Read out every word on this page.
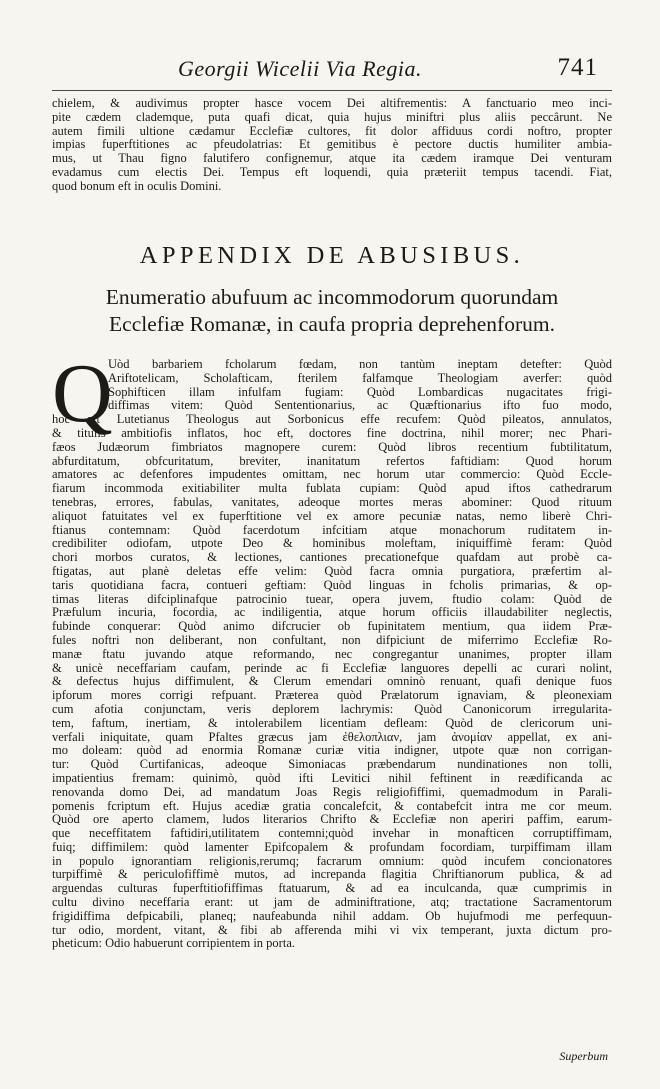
Georgii Wicelii Via Regia.	741
chielem, & audivimus propter hasce vocem Dei altifrementis: A fanctuario meo inci-
pite cædem clademque, puta quafi dicat, quia hujus miniftri plus aliis peccârunt. Ne
autem fimili ultione cædamur Ecclefiæ cultores, fit dolor affiduus cordi noftro, propter
impias fuperftitiones ac pfeudolatrias: Et gemitibus è pectore ductis humiliter ambia-
mus, ut Thau figno falutifero confignemur, atque ita cædem iramque Dei venturam
evadamus cum electis Dei. Tempus eft loquendi, quia præteriit tempus tacendi. Fiat,
quod bonum eft in oculis Domini.
APPENDIX DE ABUSIBUS.
Enumeratio abufuum ac incommodorum quorundam
Ecclefiæ Romanæ, in caufa propria deprehenforum.
Q
Uòd barbariem fcholarum fœdam, non tantùm ineptam detefter: Quòd
Ariftotelicam, Scholafticam, fterilem falfamque Theologiam averfer: quòd
Sophifticen illam infulfam fugiam: Quòd Lombardicas nugacitates frigi-
diffimas vitem: Quòd Sententionarius, ac Quæftionarius ifto fuo modo,
hoc eft Lutetianus Theologus aut Sorbonicus effe recufem: Quòd pileatos, annulatos,
& titulis ambitiofis inflatos, hoc eft, doctores fine doctrina, nihil morer; nec Phari-
fæos Judæorum fimbriatos magnopere curem: Quòd libros recentium fubtilitatum,
abfurditatum, obfcuritatum, breviter, inanitatum refertos faftidiam: Quod horum
amatores ac defenfores impudentes omittam, nec horum utar commercio: Quòd Eccle-
fiarum incommoda exitiabiliter multa fublata cupiam: Quòd apud iftos cathedrarum
tenebras, errores, fabulas, vanitates, adeoque mortes meras abominer: Quod rituum
aliquot fatuitates vel ex fuperftitione vel ex amore pecuniæ natas, nemo liberè Chri-
ftianus contemnam: Quòd facerdotum infcitiam atque monachorum ruditatem in-
credibiliter odiofam, utpote Deo & hominibus moleftam, iniquiffimè feram: Quòd
chori morbos curatos, & lectiones, cantiones precationefque quafdam aut probè ca-
ftigatas, aut planè deletas effe velim: Quòd facra omnia purgatiora, præfertim al-
taris quotidiana facra, contueri geftiam: Quòd linguas in fcholis primarias, & op-
timas literas difciplinafque patrocinio tuear, opera juvem, ftudio colam: Quòd de
Præfulum incuria, focordia, ac indiligentia, atque horum officiis illaudabiliter neglectis,
fubinde conquerar: Quòd animo difcrucier ob fupinitatem mentium, qua iidem Præ-
fules noftri non deliberant, non confultant, non difpiciunt de miferrimo Ecclefiæ Ro-
manæ ftatu juvando atque reformando, nec congregantur unanimes, propter illam
& unicè neceffariam caufam, perinde ac fi Ecclefiæ languores depelli ac curari nolint,
& defectus hujus diffimulent, & Clerum emendari omninò renuant, quafi denique fuos
ipforum mores corrigi refpuant. Præterea quòd Prælatorum ignaviam, & pleonexiam
cum afotia conjunctam, veris deplorem lachrymis: Quòd Canonicorum irregularita-
tem, faftum, inertiam, & intolerabilem licentiam defleam: Quòd de clericorum uni-
verfali iniquitate, quam Pfaltes græcus jam ἐθελοπλιαν, jam ἀνομίαν appellat, ex ani-
mo doleam: quòd ad enormia Romanæ curiæ vitia indigner, utpote quæ non corrigan-
tur: Quòd Curtifanicas, adeoque Simoniacas præbendarum nundinationes non tolli,
impatientius fremam: quinimò, quòd ifti Levitici nihil feftinent in reædificanda ac
renovanda domo Dei, ad mandatum Joas Regis religiofiffimi, quemadmodum in Parali-
pomenis fcriptum eft. Hujus acediæ gratia concalefcit, & contabefcit intra me cor meum.
Quòd ore aperto clamem, ludos literarios Chrifto & Ecclefiæ non aperiri paffim, earum-
que neceffitatem faftidiri,utilitatem contemni;quòd invehar in monafticen corruptiffimam,
fuiq; diffimilem: quòd lamenter Epifcopalem & profundam focordiam, turpiffimam illam
in populo ignorantiam religionis,rerumq; facrarum omnium: quòd incufem concionatores
turpiffimè & periculofiffimè mutos, ad increpanda flagitia Chriftianorum publica, & ad
arguendas culturas fuperftitiofiffimas ftatuarum, & ad ea inculcanda, quæ cumprimis in
cultu divino neceffaria erant: ut jam de adminiftratione, atq; tractatione Sacramentorum
frigidiffima defpicabili, planeq; naufeabunda nihil addam. Ob hujufmodi me perfequun-
tur odio, mordent, vitant, & fibi ab afferenda mihi vi vix temperant, juxta dictum pro-
pheticum: Odio habuerunt corripientem in porta.
Superbum
